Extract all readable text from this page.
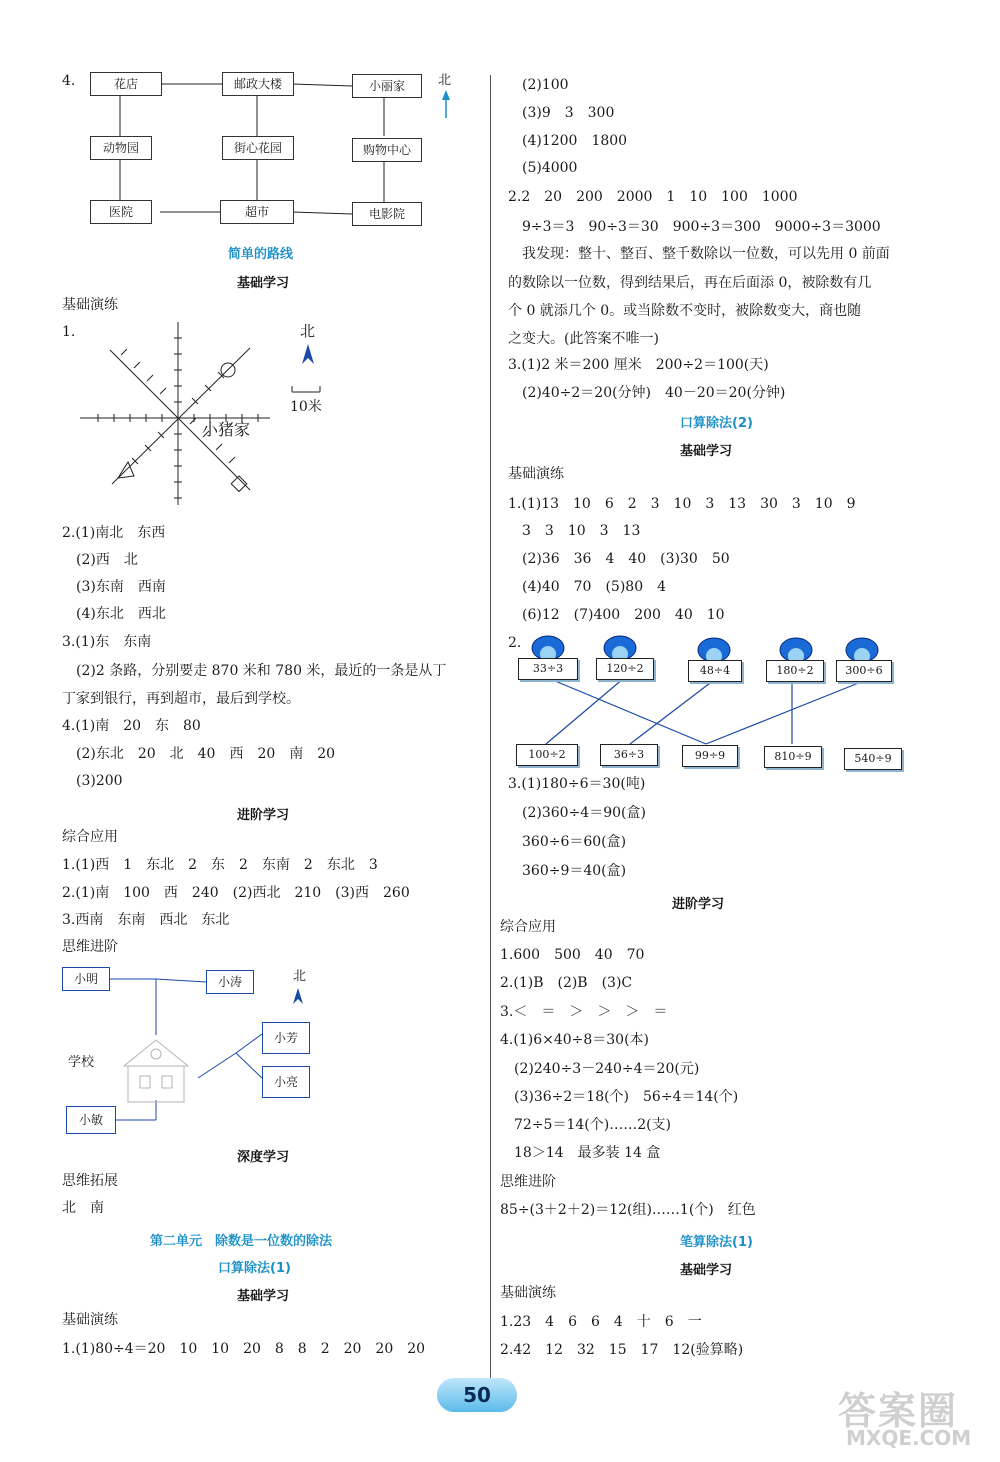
4.	北
花店	邮政大楼	小丽家
动物园	街心花园	购物中心
医院	超市	电影院
简单的路线
基础学习
基础演练
1.	北
10米
小猪家
2.(1)南北　东西
　(2)西　北
　(3)东南　西南
　(4)东北　西北
3.(1)东　东南
　(2)2 条路，分别要走 870 米和 780 米，最近的一条是从丁
丁家到银行，再到超市，最后到学校。
4.(1)南　20　东　80
　(2)东北　20　北　40　西　20　南　20
　(3)200
进阶学习
综合应用
1.(1)西　1　东北　2　东　2　东南　2　东北　3
2.(1)南　100　西　240　(2)西北　210　(3)西　260
3.西南　东南　西北　东北
思维进阶
小明	小涛	北
小芳
小亮
学校
小敏
深度学习
思维拓展
北　南
第二单元　除数是一位数的除法
口算除法(1)
基础学习
基础演练
1.(1)80÷4＝20　10　10　20　8　8　2　20　20　20
　(2)100
　(3)9　3　300
　(4)1200　1800
　(5)4000
2.2　20　200　2000　1　10　100　1000
　9÷3＝3　90÷3＝30　900÷3＝300　9000÷3＝3000
　我发现：整十、整百、整千数除以一位数，可以先用 0 前面
的数除以一位数，得到结果后，再在后面添 0，被除数有几
个 0 就添几个 0。或当除数不变时，被除数变大，商也随
之变大。(此答案不唯一)
3.(1)2 米＝200 厘米　200÷2＝100(天)
　(2)40÷2＝20(分钟)　40－20＝20(分钟)
口算除法(2)
基础学习
基础演练
1.(1)13　10　6　2　3　10　3　13　30　3　10　9
　3　3　10　3　13
　(2)36　36　4　40　(3)30　50
　(4)40　70　(5)80　4
　(6)12　(7)400　200　40　10
2.
33÷3	120÷2	48÷4	180÷2	300÷6
100÷2	36÷3	99÷9	810÷9	540÷9
3.(1)180÷6＝30(吨)
　(2)360÷4＝90(盒)
　360÷6＝60(盒)
　360÷9＝40(盒)
进阶学习
综合应用
1.600　500　40　70
2.(1)B　(2)B　(3)C
3.＜　＝　＞　＞　＞　＝
4.(1)6×40÷8＝30(本)
　(2)240÷3－240÷4＝20(元)
　(3)36÷2＝18(个)　56÷4＝14(个)
　72÷5＝14(个)……2(支)
　18＞14　最多装 14 盒
思维进阶
85÷(3＋2＋2)＝12(组)……1(个)　红色
笔算除法(1)
基础学习
基础演练
1.23　4　6　6　4　十　6　一
2.42　12　32　15　17　12(验算略)
50	答案圈
MXQE.COM
